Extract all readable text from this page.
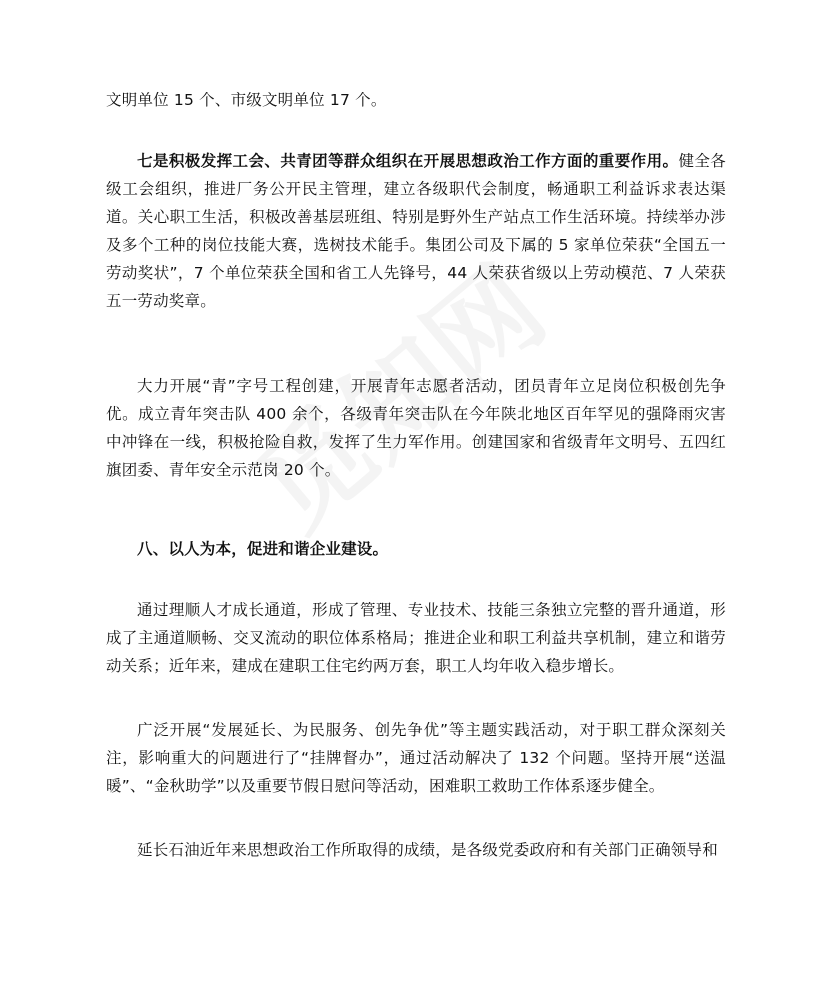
文明单位 15 个、市级文明单位 17 个。

七是积极发挥工会、共青团等群众组织在开展思想政治工作方面的重要作用。健全各级工会组织，推进厂务公开民主管理，建立各级职代会制度，畅通职工利益诉求表达渠道。关心职工生活，积极改善基层班组、特别是野外生产站点工作生活环境。持续举办涉及多个工种的岗位技能大赛，选树技术能手。集团公司及下属的 5 家单位荣获“全国五一劳动奖状”，7 个单位荣获全国和省工人先锋号，44 人荣获省级以上劳动模范、7 人荣获五一劳动奖章。

大力开展“青”字号工程创建，开展青年志愿者活动，团员青年立足岗位积极创先争优。成立青年突击队 400 余个，各级青年突击队在今年陕北地区百年罕见的强降雨灾害中冲锋在一线，积极抢险自救，发挥了生力军作用。创建国家和省级青年文明号、五四红旗团委、青年安全示范岗 20 个。

八、以人为本，促进和谐企业建设。

通过理顺人才成长通道，形成了管理、专业技术、技能三条独立完整的晋升通道，形成了主通道顺畅、交叉流动的职位体系格局；推进企业和职工利益共享机制，建立和谐劳动关系；近年来，建成在建职工住宅约两万套，职工人均年收入稳步增长。

广泛开展“发展延长、为民服务、创先争优”等主题实践活动，对于职工群众深刻关注，影响重大的问题进行了“挂牌督办”，通过活动解决了 132 个问题。坚持开展“送温暖”、“金秋助学”以及重要节假日慰问等活动，困难职工救助工作体系逐步健全。

延长石油近年来思想政治工作所取得的成绩，是各级党委政府和有关部门正确领导和
